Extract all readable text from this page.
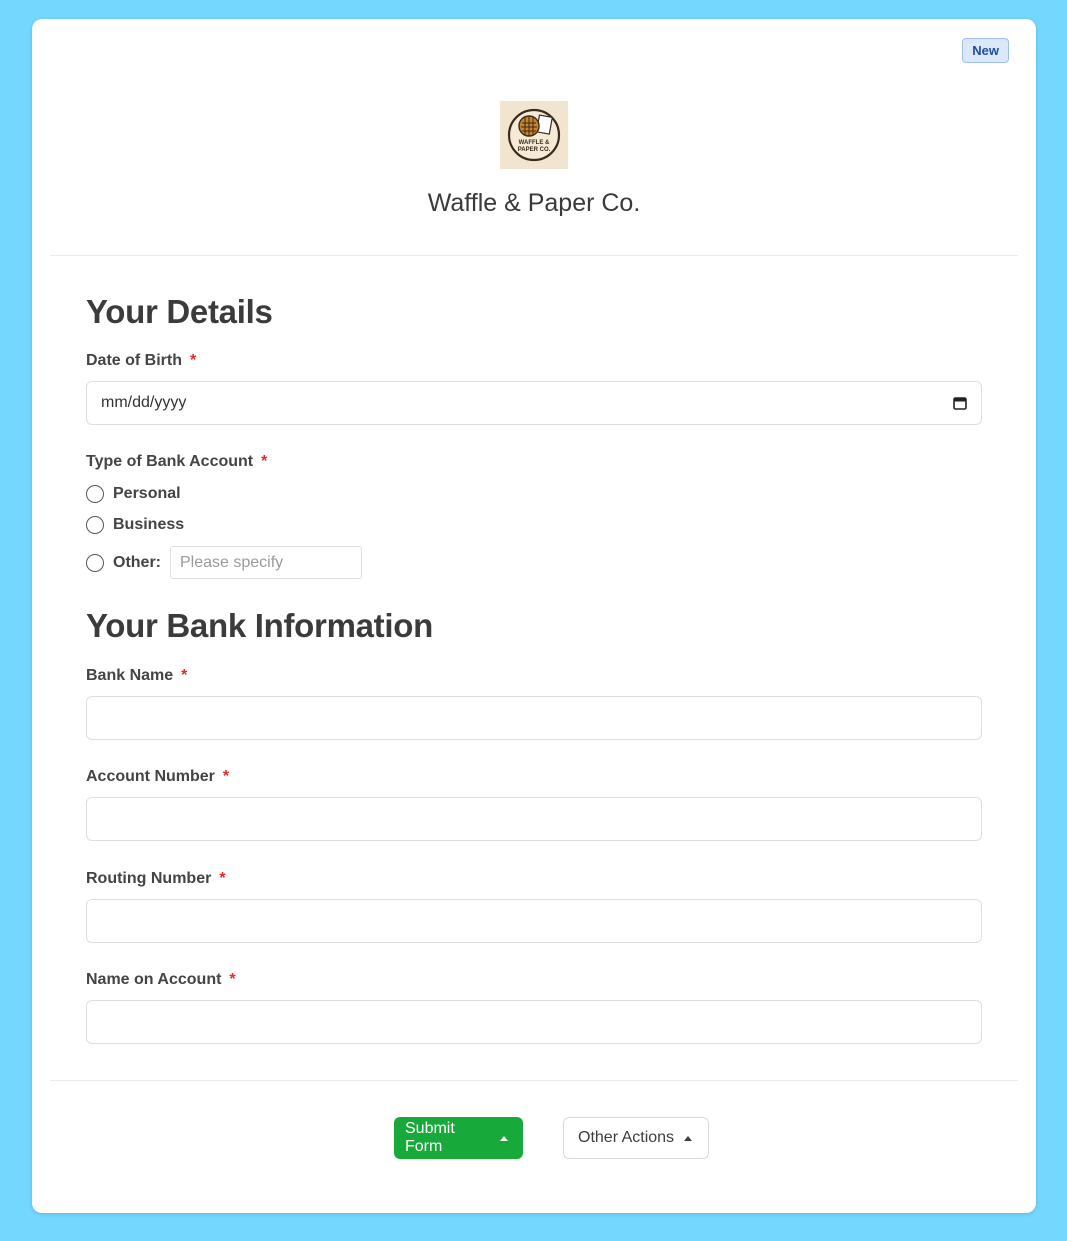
New
WAFFLE &
PAPER CO.
Waffle & Paper Co.
Your Details
Date of Birth *
mm/dd/yyyy
Type of Bank Account *
Personal
Business
Other:
Please specify
Your Bank Information
Bank Name *
Account Number *
Routing Number *
Name on Account *
Submit Form
Other Actions
